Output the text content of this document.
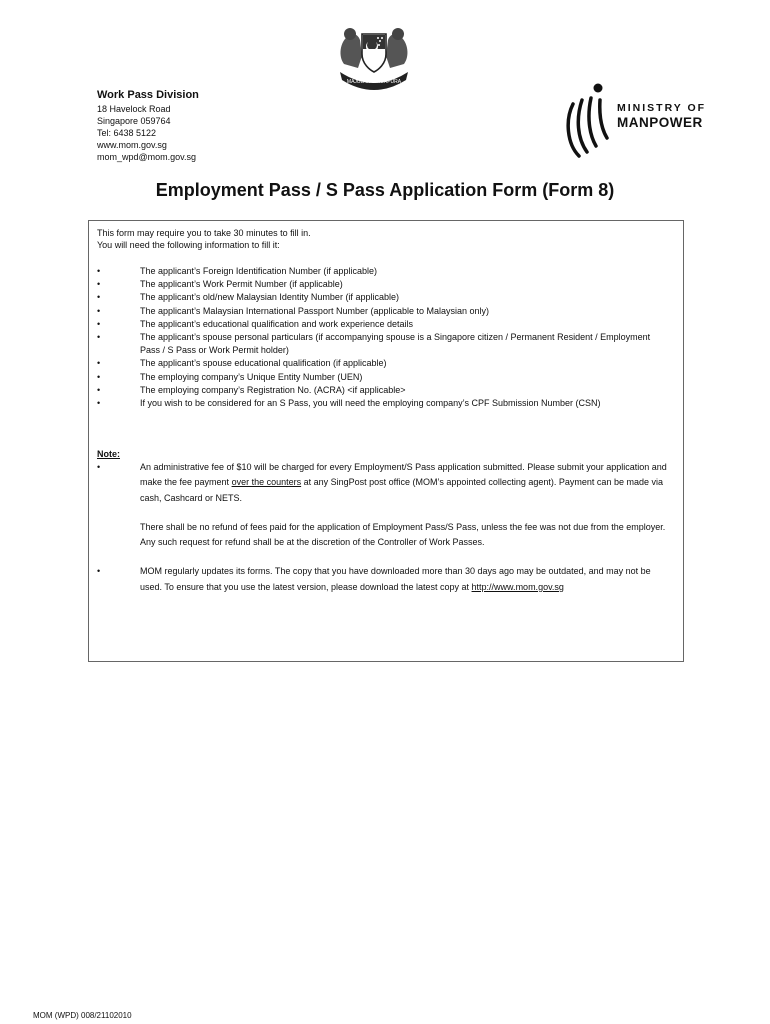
MAJULAH SINGAPURA
Work Pass Division
18 Havelock Road
Singapore 059764
Tel: 6438 5122
www.mom.gov.sg
mom_wpd@mom.gov.sg
MINISTRY OF
MANPOWER
Employment Pass / S Pass Application Form (Form 8)
This form may require you to take 30 minutes to fill in.
You will need the following information to fill it:
•	The applicant’s Foreign Identification Number (if applicable)
•	The applicant’s Work Permit Number (if applicable)
•	The applicant’s old/new Malaysian Identity Number (if applicable)
•	The applicant’s Malaysian International Passport Number (applicable to Malaysian only)
•	The applicant’s educational qualification and work experience details
•	The applicant’s spouse personal particulars (if accompanying spouse is a Singapore citizen / Permanent Resident / Employment Pass / S Pass or Work Permit holder)
•	The applicant’s spouse educational qualification (if applicable)
•	The employing company’s Unique Entity Number (UEN)
•	The employing company’s Registration No. (ACRA) <if applicable>
•	If you wish to be considered for an S Pass, you will need the employing company’s CPF Submission Number (CSN)
Note:
•	An administrative fee of $10 will be charged for every Employment/S Pass application submitted. Please submit your application and make the fee payment over the counters at any SingPost post office (MOM’s appointed collecting agent). Payment can be made via cash, Cashcard or NETS.

There shall be no refund of fees paid for the application of Employment Pass/S Pass, unless the fee was not due from the employer. Any such request for refund shall be at the discretion of the Controller of Work Passes.

•	MOM regularly updates its forms. The copy that you have downloaded more than 30 days ago may be outdated, and may not be used. To ensure that you use the latest version, please download the latest copy at http://www.mom.gov.sg

MOM (WPD) 008/21102010
